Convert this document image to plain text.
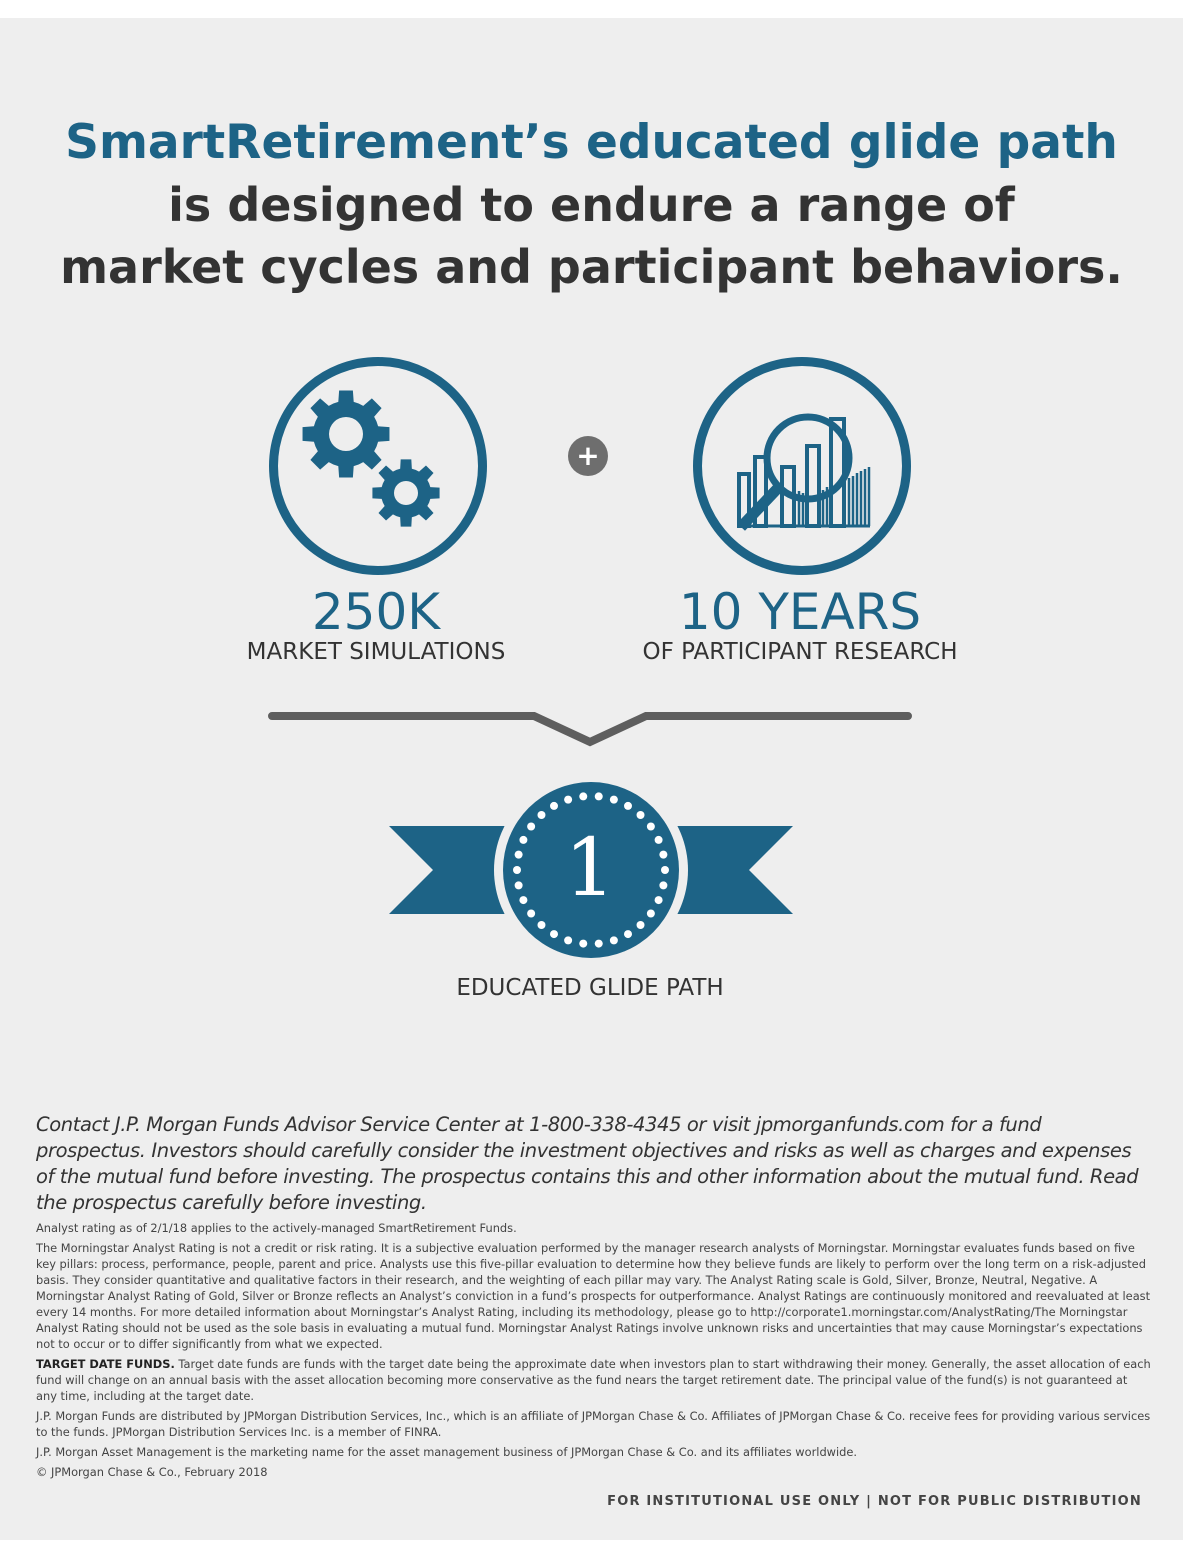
SmartRetirement’s educated glide path
is designed to endure a range of
market cycles and participant behaviors.
+
250K
MARKET SIMULATIONS
10 YEARS
OF PARTICIPANT RESEARCH
1
EDUCATED GLIDE PATH

Contact J.P. Morgan Funds Advisor Service Center at 1-800-338-4345 or visit jpmorganfunds.com for a fund prospectus. Investors should carefully consider the investment objectives and risks as well as charges and expenses of the mutual fund before investing. The prospectus contains this and other information about the mutual fund. Read the prospectus carefully before investing.

Analyst rating as of 2/1/18 applies to the actively-managed SmartRetirement Funds.

The Morningstar Analyst Rating is not a credit or risk rating. It is a subjective evaluation performed by the manager research analysts of Morningstar. Morningstar evaluates funds based on five key pillars: process, performance, people, parent and price. Analysts use this five-pillar evaluation to determine how they believe funds are likely to perform over the long term on a risk-adjusted basis. They consider quantitative and qualitative factors in their research, and the weighting of each pillar may vary. The Analyst Rating scale is Gold, Silver, Bronze, Neutral, Negative. A Morningstar Analyst Rating of Gold, Silver or Bronze reflects an Analyst’s conviction in a fund’s prospects for outperformance. Analyst Ratings are continuously monitored and reevaluated at least every 14 months. For more detailed information about Morningstar’s Analyst Rating, including its methodology, please go to http://corporate1.morningstar.com/AnalystRating/The Morningstar Analyst Rating should not be used as the sole basis in evaluating a mutual fund. Morningstar Analyst Ratings involve unknown risks and uncertainties that may cause Morningstar’s expectations not to occur or to differ significantly from what we expected.

TARGET DATE FUNDS. Target date funds are funds with the target date being the approximate date when investors plan to start withdrawing their money. Generally, the asset allocation of each fund will change on an annual basis with the asset allocation becoming more conservative as the fund nears the target retirement date. The principal value of the fund(s) is not guaranteed at any time, including at the target date.

J.P. Morgan Funds are distributed by JPMorgan Distribution Services, Inc., which is an affiliate of JPMorgan Chase & Co. Affiliates of JPMorgan Chase & Co. receive fees for providing various services to the funds. JPMorgan Distribution Services Inc. is a member of FINRA.

J.P. Morgan Asset Management is the marketing name for the asset management business of JPMorgan Chase & Co. and its affiliates worldwide.

© JPMorgan Chase & Co., February 2018

FOR INSTITUTIONAL USE ONLY | NOT FOR PUBLIC DISTRIBUTION
